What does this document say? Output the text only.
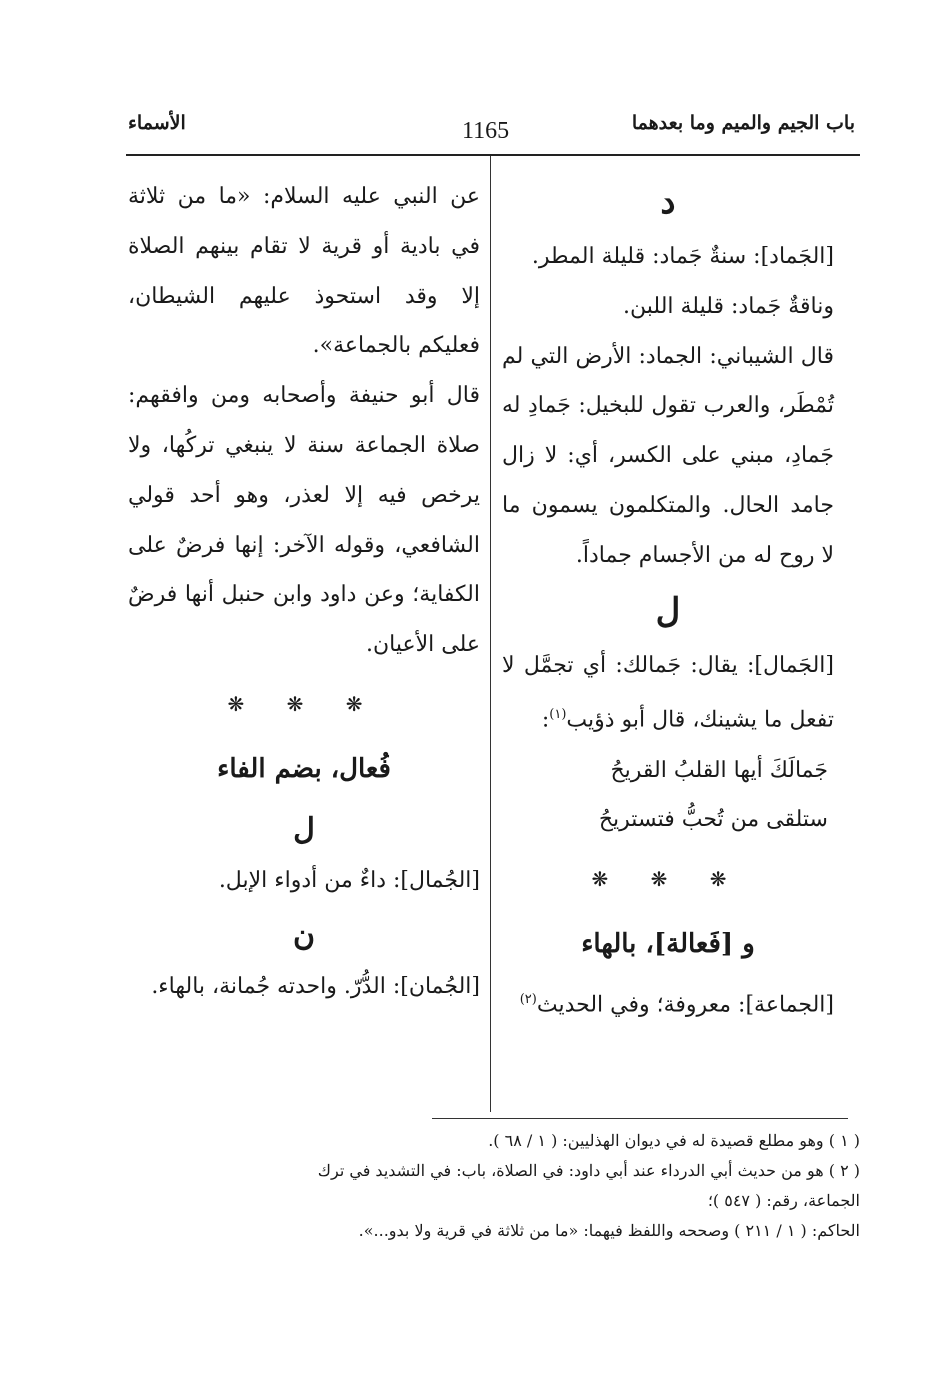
باب الجيم والميم وما بعدهما
1165
الأسماء
د

[الجَماد]: سنةٌ جَماد: قليلة المطر.

وناقةٌ جَماد: قليلة اللبن.

قال الشيباني: الجماد: الأرض التي لم تُمْطَر، والعرب تقول للبخيل: جَمادِ له جَمادِ، مبني على الكسر، أي: لا زال جامد الحال. والمتكلمون يسمون ما لا روح له من الأجسام جماداً.

ل

[الجَمال]: يقال: جَمالك: أي تجمَّل لا تفعل ما يشينك، قال أبو ذؤيب$^{(١)}$:

جَمالَكَ أيها القلبُ القريحُ

ستلقى من تُحبُّ فتستريحُ

❋ ❋ ❋
و [فَعالة]، بالهاء

[الجماعة]: معروفة؛ وفي الحديث$^{(٢)}$

عن النبي عليه السلام: «ما من ثلاثة في بادية أو قرية لا تقام بينهم الصلاة إلا وقد استحوذ عليهم الشيطان، فعليكم بالجماعة».

قال أبو حنيفة وأصحابه ومن وافقهم: صلاة الجماعة سنة لا ينبغي تركُها، ولا يرخص فيه إلا لعذر، وهو أحد قولي الشافعي، وقوله الآخر: إنها فرضٌ على الكفاية؛ وعن داود وابن حنبل أنها فرضٌ على الأعيان.

❋ ❋ ❋
فُعال، بضم الفاء
ل

[الجُمال]: داءٌ من أدواء الإبل.

ن

[الجُمان]: الدُّرّ. واحدته جُمانة، بالهاء.

( ١ ) وهو مطلع قصيدة له في ديوان الهذليين: ( ١ / ٦٨ ).

( ٢ ) هو من حديث أبي الدرداء عند أبي داود: في الصلاة، باب: في التشديد في ترك الجماعة، رقم: ( ٥٤٧ )؛

الحاكم: ( ١ / ٢١١ ) وصححه واللفظ فيهما: «ما من ثلاثة في قرية ولا بدو...».
